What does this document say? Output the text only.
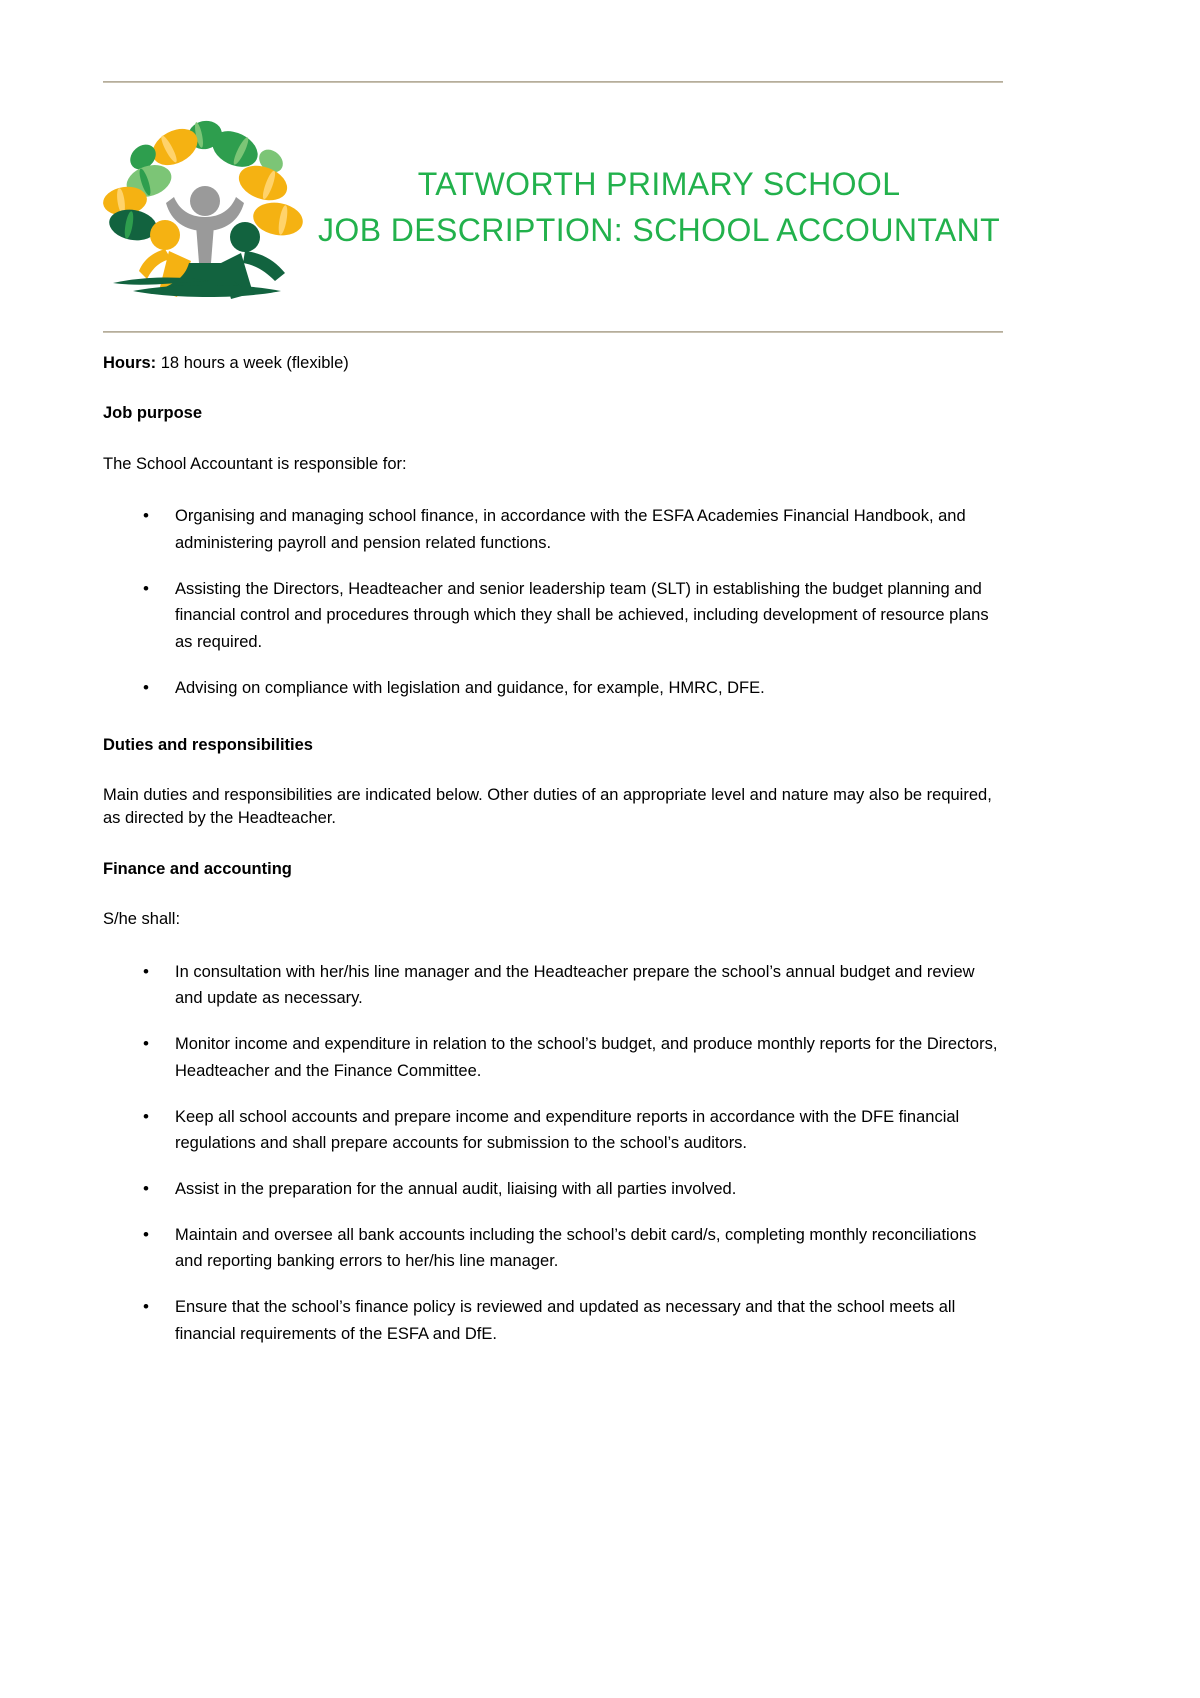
TATWORTH PRIMARY SCHOOL
JOB DESCRIPTION: SCHOOL ACCOUNTANT

Hours: 18 hours a week (flexible)

Job purpose

The School Accountant is responsible for:

• Organising and managing school finance, in accordance with the ESFA Academies Financial Handbook, and administering payroll and pension related functions.
• Assisting the Directors, Headteacher and senior leadership team (SLT) in establishing the budget planning and financial control and procedures through which they shall be achieved, including development of resource plans as required.
• Advising on compliance with legislation and guidance, for example, HMRC, DFE.

Duties and responsibilities

Main duties and responsibilities are indicated below. Other duties of an appropriate level and nature may also be required, as directed by the Headteacher.

Finance and accounting

S/he shall:

• In consultation with her/his line manager and the Headteacher prepare the school’s annual budget and review and update as necessary.
• Monitor income and expenditure in relation to the school’s budget, and produce monthly reports for the Directors, Headteacher and the Finance Committee.
• Keep all school accounts and prepare income and expenditure reports in accordance with the DFE financial regulations and shall prepare accounts for submission to the school’s auditors.
• Assist in the preparation for the annual audit, liaising with all parties involved.
• Maintain and oversee all bank accounts including the school’s debit card/s, completing monthly reconciliations and reporting banking errors to her/his line manager.
• Ensure that the school’s finance policy is reviewed and updated as necessary and that the school meets all financial requirements of the ESFA and DfE.
